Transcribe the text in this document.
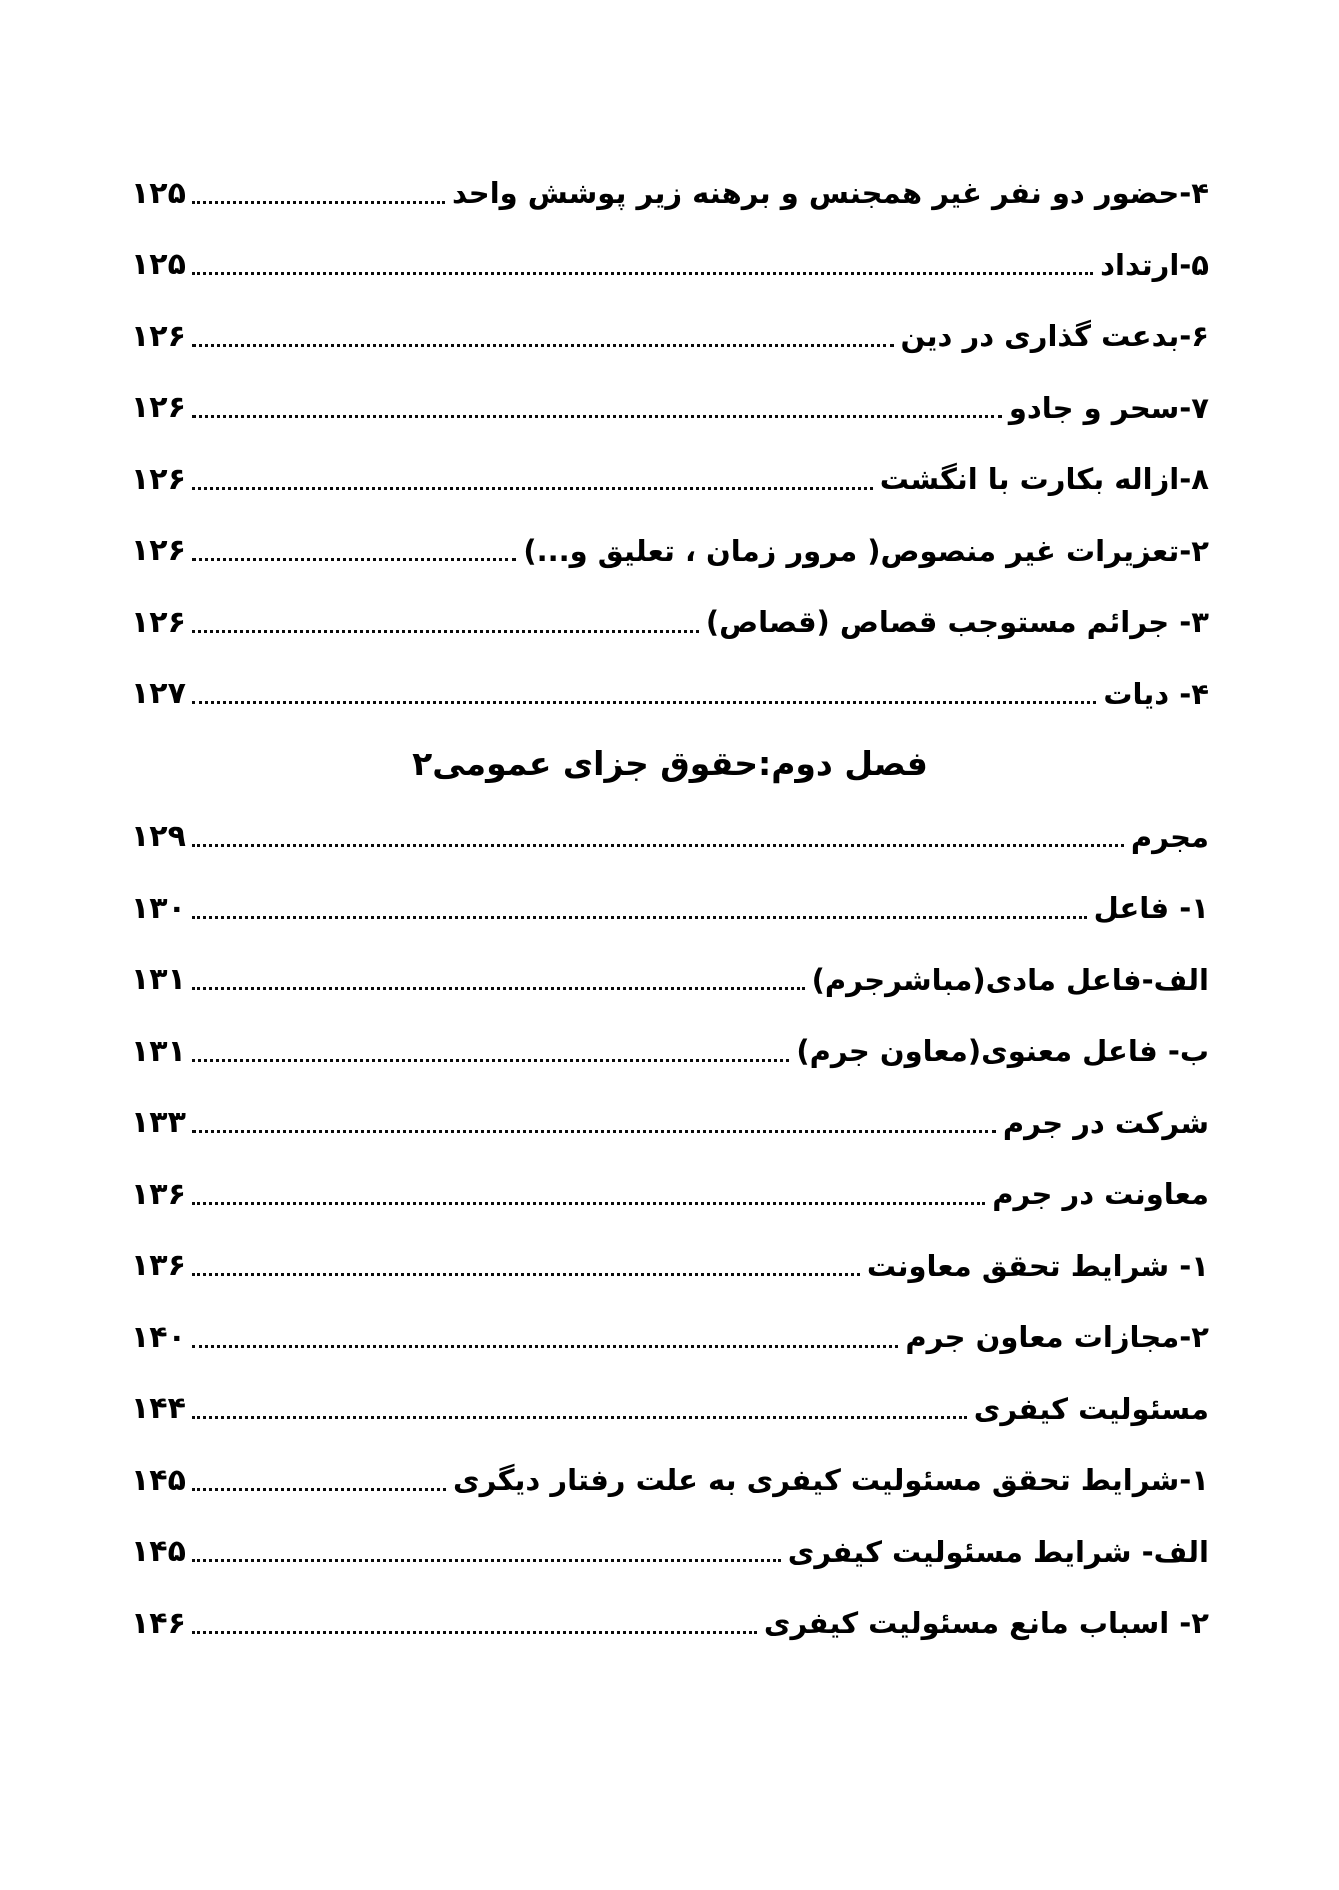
۴-حضور دو نفر غیر همجنس و برهنه زیر پوشش واحد
۱۲۵
۵-ارتداد
۱۲۵
۶-بدعت گذاری در دین
۱۲۶
۷-سحر و جادو
۱۲۶
۸-ازاله بکارت با انگشت
۱۲۶
۲-تعزیرات غیر منصوص( مرور زمان ، تعلیق و...)
۱۲۶
۳- جرائم مستوجب قصاص (قصاص)
۱۲۶
۴- دیات
۱۲۷
فصل دوم:حقوق جزای عمومی۲
مجرم
۱۲۹
۱- فاعل
۱۳۰
الف-فاعل مادی(مباشرجرم)
۱۳۱
ب- فاعل معنوی(معاون جرم)
۱۳۱
شرکت در جرم
۱۳۳
معاونت در جرم
۱۳۶
۱- شرایط تحقق معاونت
۱۳۶
۲-مجازات معاون جرم
۱۴۰
مسئولیت کیفری
۱۴۴
۱-شرایط تحقق مسئولیت کیفری به علت رفتار دیگری
۱۴۵
الف- شرایط مسئولیت کیفری
۱۴۵
۲- اسباب مانع مسئولیت کیفری
۱۴۶
